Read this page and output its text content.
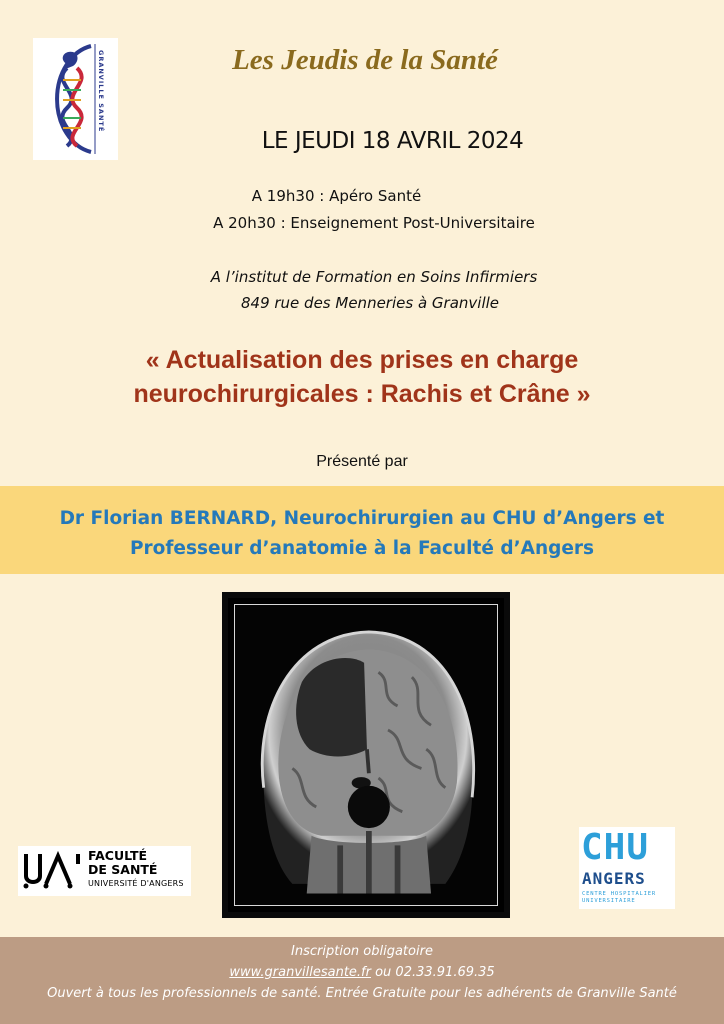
GRANVILLE SANTÉ	Les Jeudis de la Santé
LE JEUDI 18 AVRIL 2024
A 19h30 : Apéro Santé
A 20h30 : Enseignement Post-Universitaire
A l’institut de Formation en Soins Infirmiers
849 rue des Menneries à Granville
« Actualisation des prises en charge
neurochirurgicales : Rachis et Crâne »
Présenté par
Dr Florian BERNARD, Neurochirurgien au CHU d’Angers et
Professeur d’anatomie à la Faculté d’Angers
FACULTÉ
DE SANTÉ
UNIVERSITÉ D'ANGERS
CHU
ANGERS
CENTRE HOSPITALIER UNIVERSITAIRE
Inscription obligatoire
www.granvillesante.fr ou 02.33.91.69.35
Ouvert à tous les professionnels de santé. Entrée Gratuite pour les adhérents de Granville Santé
